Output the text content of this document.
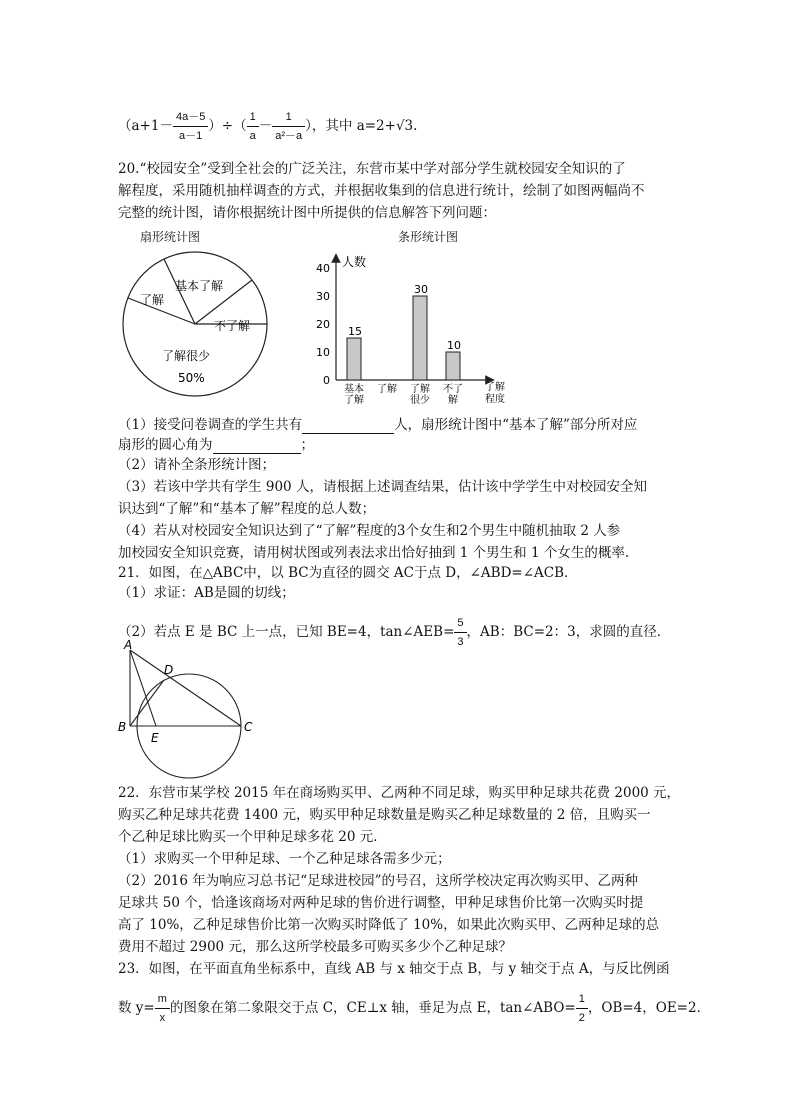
（$a+1- \frac{4a-5}{a-1}$ ）÷（ $\frac{1}{a} - \frac{1}{\text{a²－a}}$ ），其中 a=2+√3.
20.“校园安全”受到全社会的广泛关注，东营市某中学对部分学生就校园安全知识的了
解程度，采用随机抽样调查的方式，并根据收集到的信息进行统计，绘制了如图两幅尚不
完整的统计图，请你根据统计图中所提供的信息解答下列问题：
扇形统计图
了解
基本了解
不了解
了解很少
50%
条形统计图
人数
0
10
20
30
40
15
30
10
基本
了解
了解 了解
很少
不了
解
了解
程度
（1）接受问卷调查的学生共有	人，扇形统计图中“基本了解”部分所对应
扇形的圆心角为	；
（2）请补全条形统计图；
（3）若该中学共有学生 900 人，请根据上述调查结果，估计该中学学生中对校园安全知
识达到“了解”和“基本了解”程度的总人数；
（4）若从对校园安全知识达到了“了解”程度的3个女生和2个男生中随机抽取 2 人参
加校园安全知识竞赛，请用树状图或列表法求出恰好抽到 1 个男生和 1 个女生的概率.
21．如图，在△ABC中，以 BC为直径的圆交 AC于点 D，∠ABD=∠ACB．
（1）求证：AB是圆的切线；
（2）若点 E 是 BC 上一点，已知 BE=4，tan∠AEB= $\frac{5}{3}$ ，AB：BC=2：3，求圆的直径．
A
D
B
E
C
22．东营市某学校 2015 年在商场购买甲、乙两种不同足球，购买甲种足球共花费 2000 元，
购买乙种足球共花费 1400 元，购买甲种足球数量是购买乙种足球数量的 2 倍，且购买一
个乙种足球比购买一个甲种足球多花 20 元．
（1）求购买一个甲种足球、一个乙种足球各需多少元；
（2）2016 年为响应习总书记“足球进校园”的号召，这所学校决定再次购买甲、乙两种
足球共 50 个，恰逢该商场对两种足球的售价进行调整，甲种足球售价比第一次购买时提
高了 10%，乙种足球售价比第一次购买时降低了 10%，如果此次购买甲、乙两种足球的总
费用不超过 2900 元，那么这所学校最多可购买多少个乙种足球？
23．如图，在平面直角坐标系中，直线 AB 与 x 轴交于点 B，与 y 轴交于点 A，与反比例函
数 $y= \frac{m}{x}$ 的图象在第二象限交于点 C，CE⊥x 轴，垂足为点 E，tan∠ABO= $\frac{1}{2}$ ，OB=4，OE=2．
